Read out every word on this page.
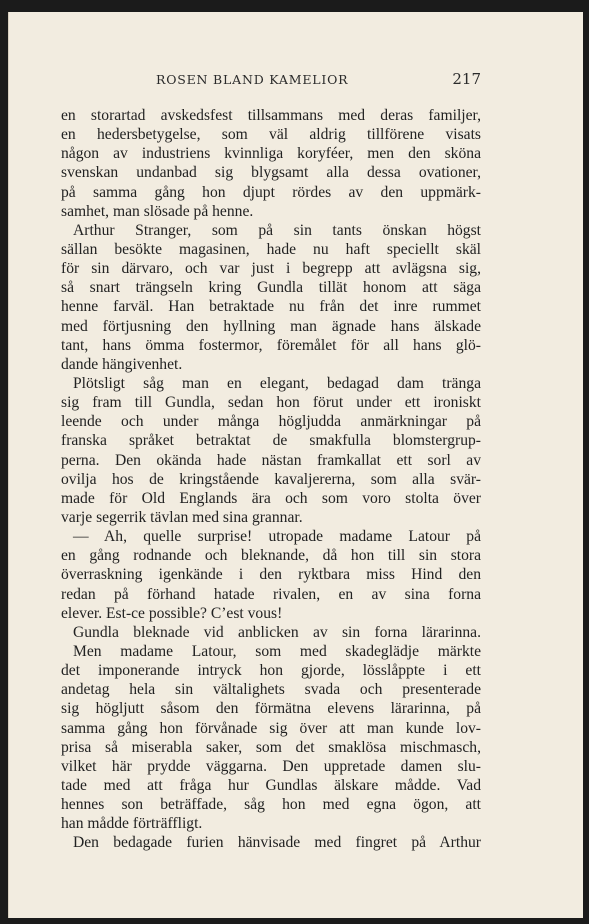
ROSEN BLAND KAMELIOR	217
en storartad avskedsfest tillsammans med deras familjer,
en hedersbetygelse, som väl aldrig tillförene visats
någon av industriens kvinnliga koryféer, men den sköna
svenskan undanbad sig blygsamt alla dessa ovationer,
på samma gång hon djupt rördes av den uppmärk-
samhet, man slösade på henne.
Arthur Stranger, som på sin tants önskan högst
sällan besökte magasinen, hade nu haft speciellt skäl
för sin därvaro, och var just i begrepp att avlägsna sig,
så snart trängseln kring Gundla tillät honom att säga
henne farväl. Han betraktade nu från det inre rummet
med förtjusning den hyllning man ägnade hans älskade
tant, hans ömma fostermor, föremålet för all hans glö-
dande hängivenhet.
Plötsligt såg man en elegant, bedagad dam tränga
sig fram till Gundla, sedan hon förut under ett ironiskt
leende och under många högljudda anmärkningar på
franska språket betraktat de smakfulla blomstergrup-
perna. Den okända hade nästan framkallat ett sorl av
ovilja hos de kringstående kavaljererna, som alla svär-
made för Old Englands ära och som voro stolta över
varje segerrik tävlan med sina grannar.
— Ah, quelle surprise! utropade madame Latour på
en gång rodnande och bleknande, då hon till sin stora
överraskning igenkände i den ryktbara miss Hind den
redan på förhand hatade rivalen, en av sina forna
elever. Est-ce possible? C’est vous!
Gundla bleknade vid anblicken av sin forna lärarinna.
Men madame Latour, som med skadeglädje märkte
det imponerande intryck hon gjorde, lösslåppte i ett
andetag hela sin vältalighets svada och presenterade
sig högljutt såsom den förmätna elevens lärarinna, på
samma gång hon förvånade sig över att man kunde lov-
prisa så miserabla saker, som det smaklösa mischmasch,
vilket här prydde väggarna. Den uppretade damen slu-
tade med att fråga hur Gundlas älskare mådde. Vad
hennes son beträffade, såg hon med egna ögon, att
han mådde förträffligt.
Den bedagade furien hänvisade med fingret på Arthur
